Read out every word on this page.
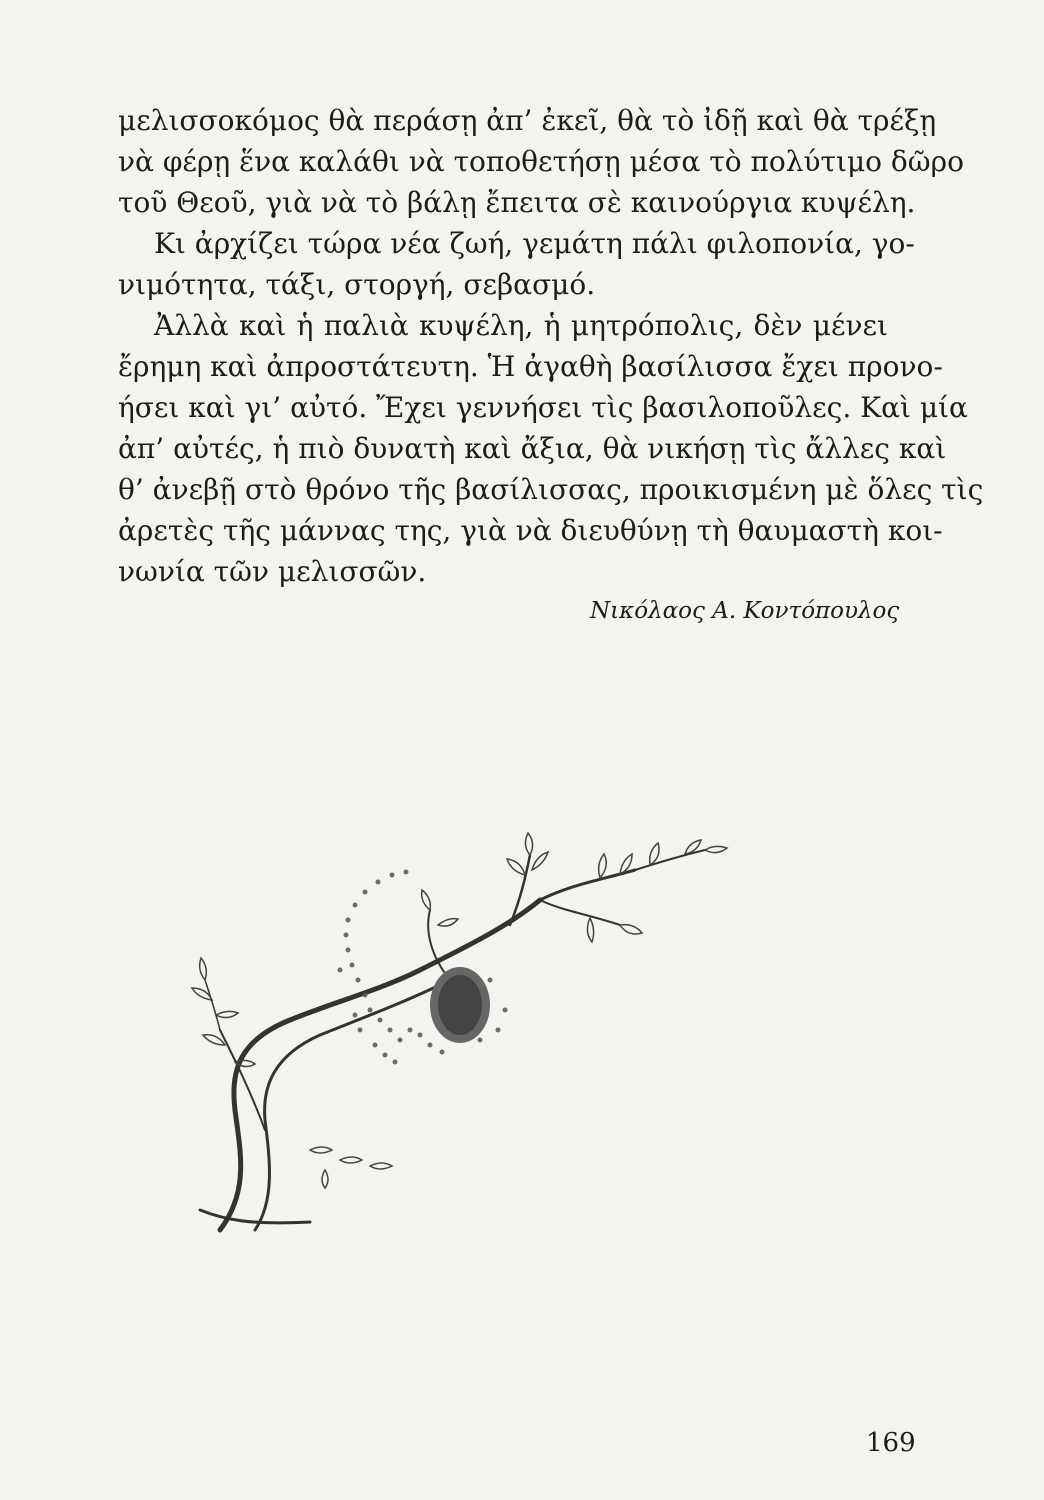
μελισσοκόμος θὰ περάσῃ ἀπ’ ἐκεῖ, θὰ τὸ ἰδῇ καὶ θὰ τρέξῃ
νὰ φέρῃ ἕνα καλάθι νὰ τοποθετήσῃ μέσα τὸ πολύτιμο δῶρο
τοῦ Θεοῦ, γιὰ νὰ τὸ βάλῃ ἔπειτα σὲ καινούργια κυψέλη.
Κι ἀρχίζει τώρα νέα ζωή, γεμάτη πάλι φιλοπονία, γο-
νιμότητα, τάξι, στοργή, σεβασμό.
Ἀλλὰ καὶ ἡ παλιὰ κυψέλη, ἡ μητρόπολις, δὲν μένει
ἔρημη καὶ ἀπροστάτευτη. Ἡ ἀγαθὴ βασίλισσα ἔχει προνο-
ήσει καὶ γι’ αὐτό. Ἔχει γεννήσει τὶς βασιλοποῦλες. Καὶ μία
ἀπ’ αὐτές, ἡ πιὸ δυνατὴ καὶ ἄξια, θὰ νικήσῃ τὶς ἄλλες καὶ
θ’ ἀνεβῇ στὸ θρόνο τῆς βασίλισσας, προικισμένη μὲ ὅλες τὶς
ἀρετὲς τῆς μάννας της, γιὰ νὰ διευθύνῃ τὴ θαυμαστὴ κοι-
νωνία τῶν μελισσῶν.
Νικόλαος Α. Κοντόπουλος
169
